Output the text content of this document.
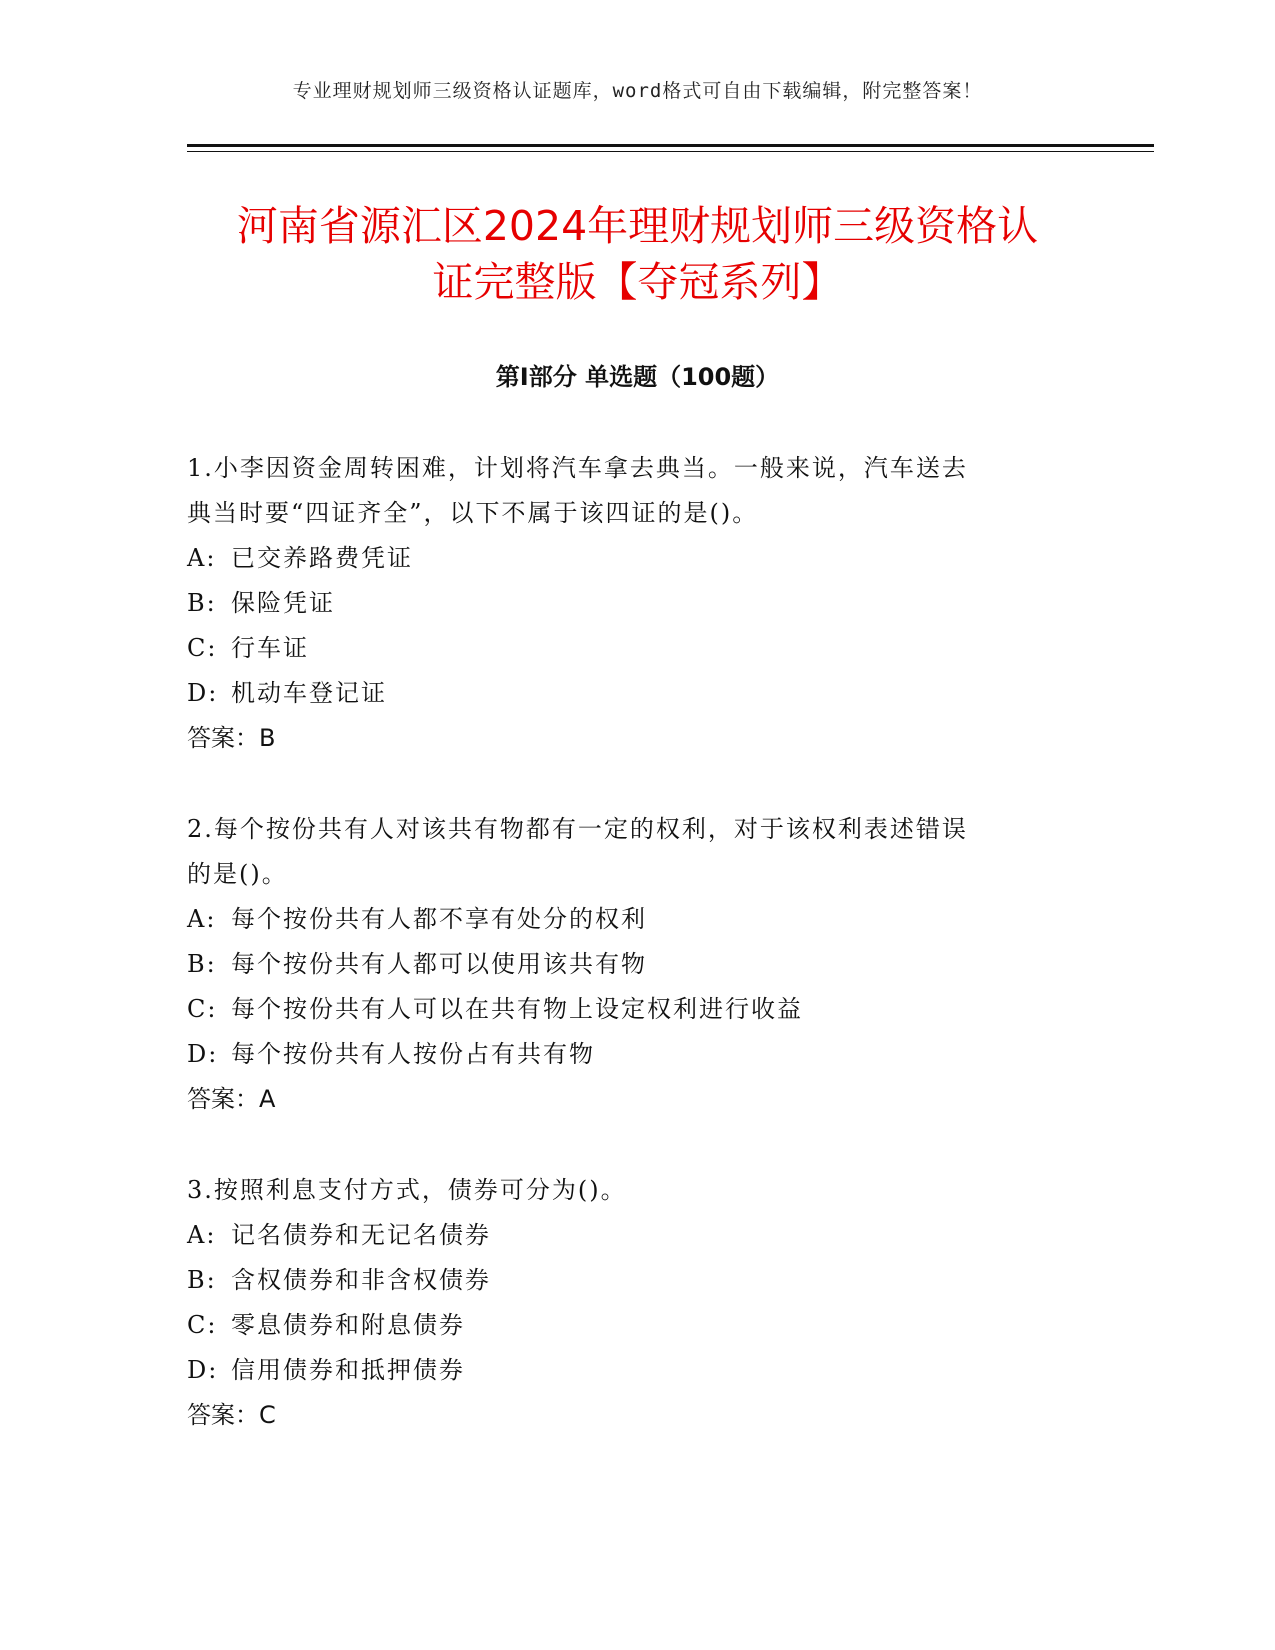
专业理财规划师三级资格认证题库，word格式可自由下载编辑，附完整答案！
河南省源汇区2024年理财规划师三级资格认
证完整版【夺冠系列】
第Ⅰ部分 单选题（100题）
1.小李因资金周转困难，计划将汽车拿去典当。一般来说，汽车送去
典当时要“四证齐全”，以下不属于该四证的是()。
A: 已交养路费凭证
B: 保险凭证
C: 行车证
D: 机动车登记证
答案：B
2.每个按份共有人对该共有物都有一定的权利，对于该权利表述错误
的是()。
A: 每个按份共有人都不享有处分的权利
B: 每个按份共有人都可以使用该共有物
C: 每个按份共有人可以在共有物上设定权利进行收益
D: 每个按份共有人按份占有共有物
答案：A
3.按照利息支付方式，债券可分为()。
A: 记名债券和无记名债券
B: 含权债券和非含权债券
C: 零息债券和附息债券
D: 信用债券和抵押债券
答案：C
